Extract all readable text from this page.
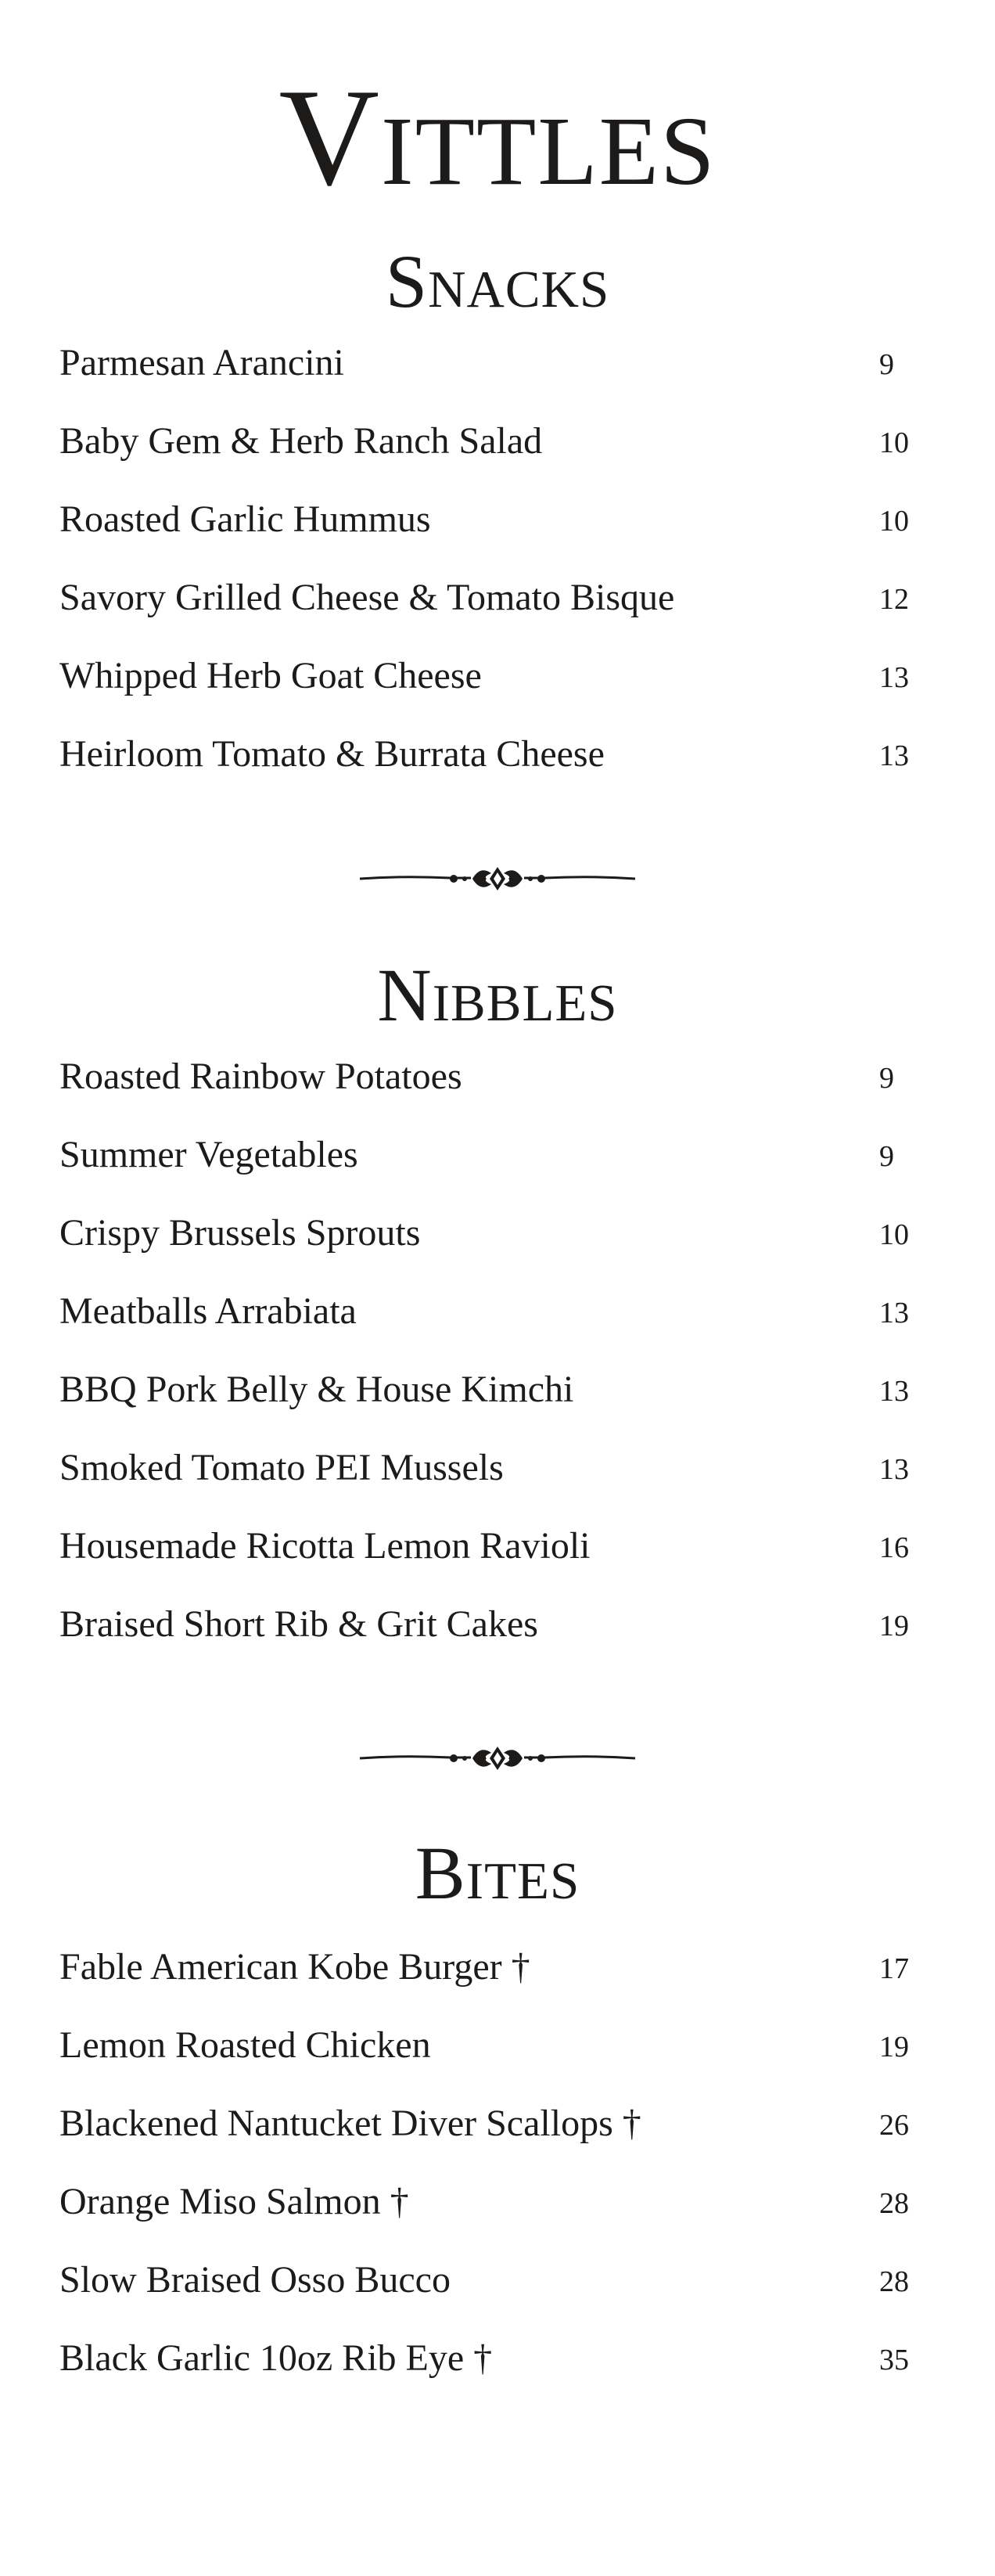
Vittles
Snacks
Parmesan Arancini	9
Baby Gem & Herb Ranch Salad	10
Roasted Garlic Hummus	10
Savory Grilled Cheese & Tomato Bisque	12
Whipped Herb Goat Cheese	13
Heirloom Tomato & Burrata Cheese	13
Nibbles
Roasted Rainbow Potatoes	9
Summer Vegetables	9
Crispy Brussels Sprouts	10
Meatballs Arrabiata	13
BBQ Pork Belly & House Kimchi	13
Smoked Tomato PEI Mussels	13
Housemade Ricotta Lemon Ravioli	16
Braised Short Rib & Grit Cakes	19
Bites
Fable American Kobe Burger †	17
Lemon Roasted Chicken	19
Blackened Nantucket Diver Scallops †	26
Orange Miso Salmon †	28
Slow Braised Osso Bucco	28
Black Garlic 10oz Rib Eye †	35
